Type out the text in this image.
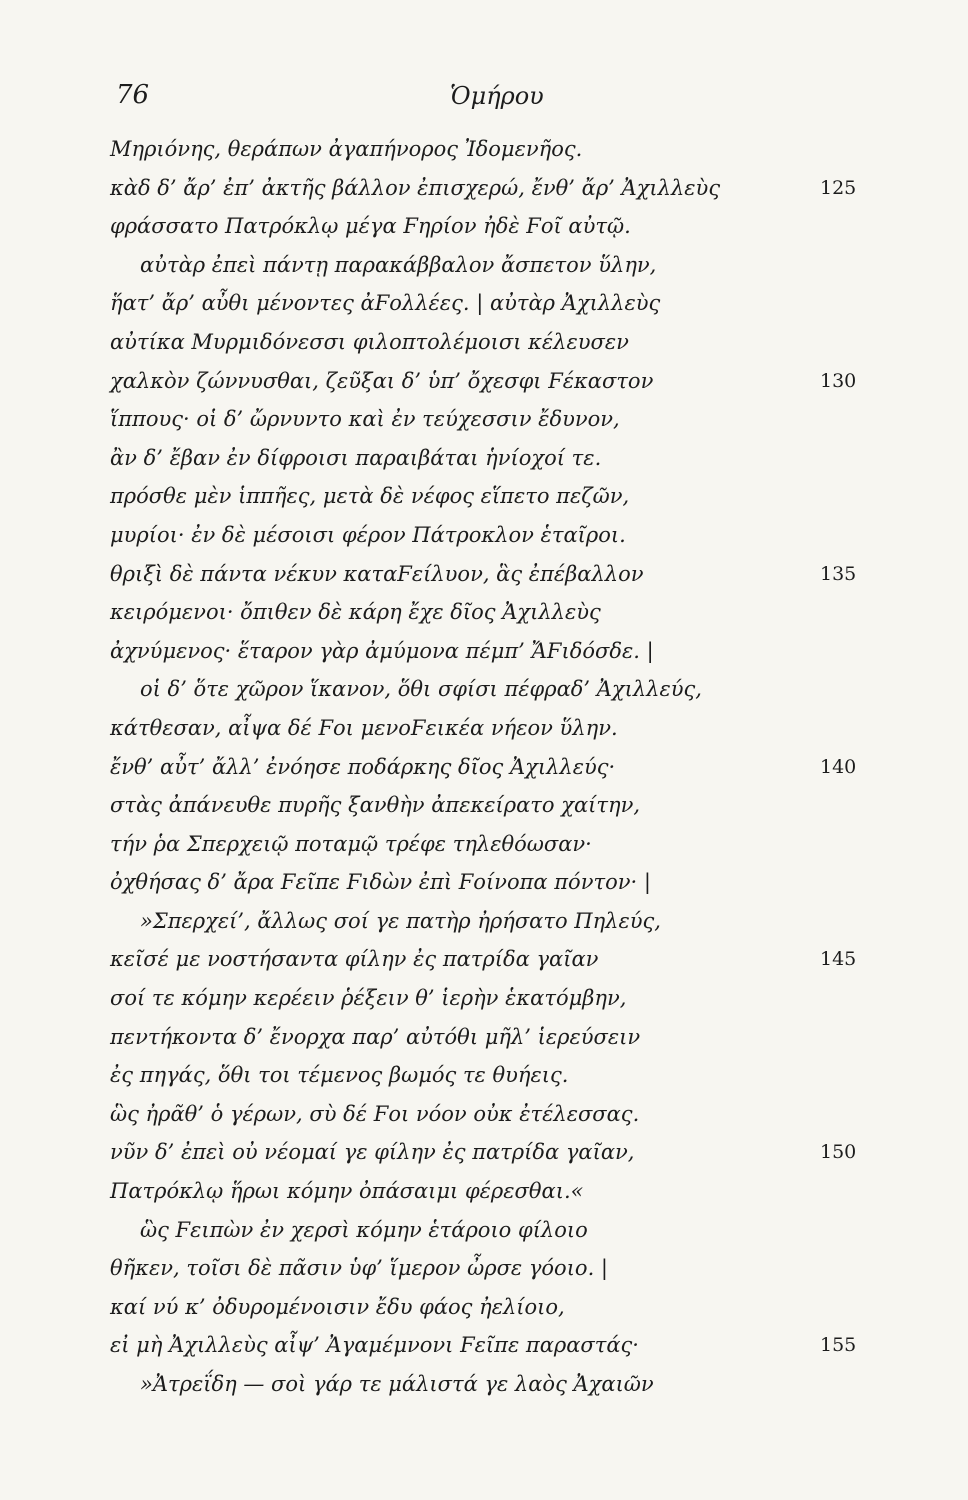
76	Ὁμήρου
Μηριόνης, θεράπων ἀγαπήνορος Ἰδομενῆος.
κὰδ δ’ ἄρ’ ἐπ’ ἀκτῆς βάλλον ἐπισχερώ, ἔνθ’ ἄρ’ Ἀχιλλεὺς	125
φράσσατο Πατρόκλῳ μέγα Ϝηρίον ἠδὲ Ϝοῖ αὐτῷ.
αὐτὰρ ἐπεὶ πάντῃ παρακάββαλον ἄσπετον ὕλην,
ἥατ’ ἄρ’ αὖθι μένοντες ἀϜολλέες. | αὐτὰρ Ἀχιλλεὺς
αὐτίκα Μυρμιδόνεσσι φιλοπτολέμοισι κέλευσεν
χαλκὸν ζώννυσθαι, ζεῦξαι δ’ ὑπ’ ὄχεσφι Ϝέκαστον	130
ἵππους· οἱ δ’ ὤρνυντο καὶ ἐν τεύχεσσιν ἔδυνον,
ἂν δ’ ἔβαν ἐν δίφροισι παραιβάται ἡνίοχοί τε.
πρόσθε μὲν ἱππῆες, μετὰ δὲ νέφος εἵπετο πεζῶν,
μυρίοι· ἐν δὲ μέσοισι φέρον Πάτροκλον ἑταῖροι.
θριξὶ δὲ πάντα νέκυν καταϜείλυον, ἃς ἐπέβαλλον	135
κειρόμενοι· ὄπιθεν δὲ κάρη ἔχε δῖος Ἀχιλλεὺς
ἀχνύμενος· ἕταρον γὰρ ἀμύμονα πέμπ’ ἌϜιδόσδε. |
οἱ δ’ ὅτε χῶρον ἵκανον, ὅθι σφίσι πέφραδ’ Ἀχιλλεύς,
κάτθεσαν, αἶψα δέ Ϝοι μενοϜεικέα νήεον ὕλην.
ἔνθ’ αὖτ’ ἄλλ’ ἐνόησε ποδάρκης δῖος Ἀχιλλεύς·	140
στὰς ἀπάνευθε πυρῆς ξανθὴν ἀπεκείρατο χαίτην,
τήν ῥα Σπερχειῷ ποταμῷ τρέφε τηλεθόωσαν·
ὀχθήσας δ’ ἄρα Ϝεῖπε Ϝιδὼν ἐπὶ Ϝοίνοπα πόντον· |
»Σπερχεί’, ἄλλως σοί γε πατὴρ ἠρήσατο Πηλεύς,
κεῖσέ με νοστήσαντα φίλην ἐς πατρίδα γαῖαν	145
σοί τε κόμην κερέειν ῥέξειν θ’ ἱερὴν ἑκατόμβην,
πεντήκοντα δ’ ἔνορχα παρ’ αὐτόθι μῆλ’ ἱερεύσειν
ἐς πηγάς, ὅθι τοι τέμενος βωμός τε θυήεις.
ὣς ἠρᾶθ’ ὁ γέρων, σὺ δέ Ϝοι νόον οὐκ ἐτέλεσσας.
νῦν δ’ ἐπεὶ οὐ νέομαί γε φίλην ἐς πατρίδα γαῖαν,	150
Πατρόκλῳ ἥρωι κόμην ὀπάσαιμι φέρεσθαι.«
ὣς Ϝειπὼν ἐν χερσὶ κόμην ἑτάροιο φίλοιο
θῆκεν, τοῖσι δὲ πᾶσιν ὑφ’ ἵμερον ὦρσε γόοιο. |
καί νύ κ’ ὀδυρομένοισιν ἔδυ φάος ἠελίοιο,
εἰ μὴ Ἀχιλλεὺς αἶψ’ Ἀγαμέμνονι Ϝεῖπε παραστάς·	155
»Ἀτρεΐδη — σοὶ γάρ τε μάλιστά γε λαὸς Ἀχαιῶν
